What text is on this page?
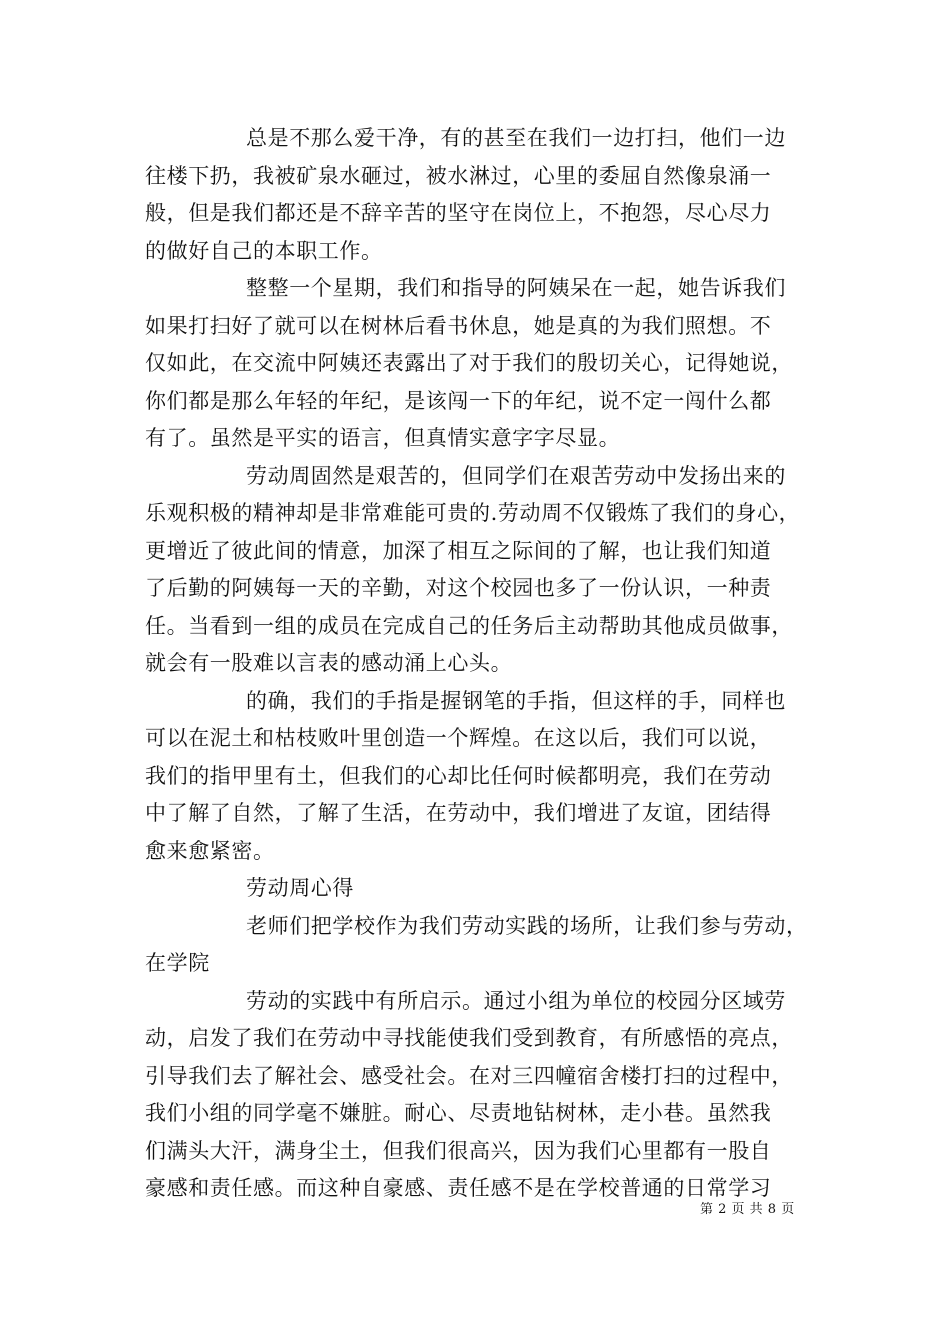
总是不那么爱干净，有的甚至在我们一边打扫，他们一边
往楼下扔，我被矿泉水砸过，被水淋过，心里的委屈自然像泉涌一
般，但是我们都还是不辞辛苦的坚守在岗位上，不抱怨，尽心尽力
的做好自己的本职工作。
整整一个星期，我们和指导的阿姨呆在一起，她告诉我们
如果打扫好了就可以在树林后看书休息，她是真的为我们照想。不
仅如此，在交流中阿姨还表露出了对于我们的殷切关心，记得她说，
你们都是那么年轻的年纪，是该闯一下的年纪，说不定一闯什么都
有了。虽然是平实的语言，但真情实意字字尽显。
劳动周固然是艰苦的，但同学们在艰苦劳动中发扬出来的
乐观积极的精神却是非常难能可贵的.劳动周不仅锻炼了我们的身心，
更增近了彼此间的情意，加深了相互之际间的了解，也让我们知道
了后勤的阿姨每一天的辛勤，对这个校园也多了一份认识，一种责
任。当看到一组的成员在完成自己的任务后主动帮助其他成员做事，
就会有一股难以言表的感动涌上心头。
的确，我们的手指是握钢笔的手指，但这样的手，同样也
可以在泥土和枯枝败叶里创造一个辉煌。在这以后，我们可以说，
我们的指甲里有土，但我们的心却比任何时候都明亮，我们在劳动
中了解了自然，了解了生活，在劳动中，我们增进了友谊，团结得
愈来愈紧密。
劳动周心得
老师们把学校作为我们劳动实践的场所，让我们参与劳动，
在学院
劳动的实践中有所启示。通过小组为单位的校园分区域劳
动，启发了我们在劳动中寻找能使我们受到教育，有所感悟的亮点，
引导我们去了解社会、感受社会。在对三四幢宿舍楼打扫的过程中，
我们小组的同学毫不嫌脏。耐心、尽责地钻树林，走小巷。虽然我
们满头大汗，满身尘土，但我们很高兴，因为我们心里都有一股自
豪感和责任感。而这种自豪感、责任感不是在学校普通的日常学习
第 2 页 共 8 页
